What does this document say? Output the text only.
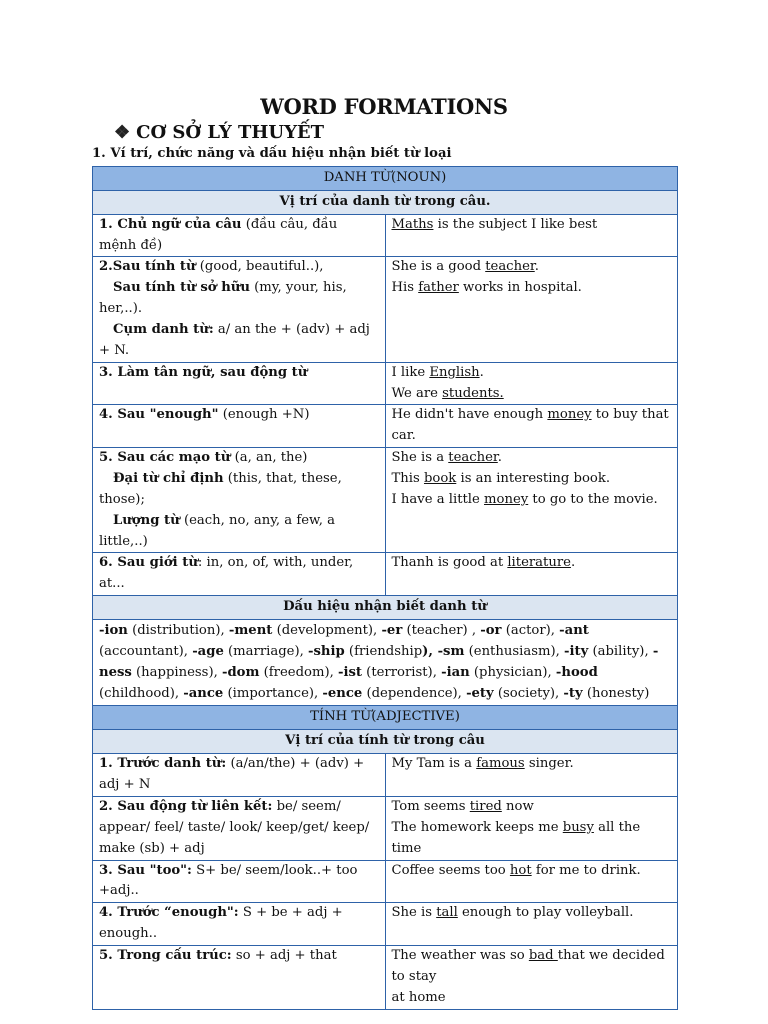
WORD FORMATIONS
❖ CƠ SỞ LÝ THUYẾT
1. Ví trí, chức năng và dấu hiệu nhận biết từ loại
DANH TỪ(NOUN)	
Vị trí của danh từ trong câu.	
1. Chủ ngữ của câu (đầu câu, đầu mệnh đề)	Maths is the subject I like best
2.Sau tính từ (good, beautiful..),
Sau tính từ sở hữu (my, your, his, her,..).
Cụm danh từ: a/ an the + (adv) + adj + N.	She is a good teacher.
His father works in hospital.
3. Làm tân ngữ, sau động từ	I like English.
We are students.
4. Sau "enough" (enough +N)	He didn't have enough money to buy that car.
5. Sau các mạo từ (a, an, the)
Đại từ chỉ định (this, that, these, those);
Lượng từ (each, no, any, a few, a little,..)	She is a teacher.
This book is an interesting book.
I have a little money to go to the movie.
6. Sau giới từ: in, on, of, with, under, at...	Thanh is good at literature.
Dấu hiệu nhận biết danh từ	
-ion (distribution), -ment (development), -er (teacher) , -or (actor), -ant (accountant), -age (marriage), -ship (friendship), -sm (enthusiasm), -ity (ability), -ness (happiness), -dom (freedom), -ist (terrorist), -ian (physician), -hood (childhood), -ance (importance), -ence (dependence), -ety (society), -ty (honesty)	
TÍNH TỪ(ADJECTIVE)	
Vị trí của tính từ trong câu	
1. Trước danh từ: (a/an/the) + (adv) + adj + N	My Tam is a famous singer.
2. Sau động từ liên kết: be/ seem/ appear/ feel/ taste/ look/ keep/get/ keep/ make (sb) + adj	Tom seems tired now
The homework keeps me busy all the time
3. Sau "too": S+ be/ seem/look..+ too +adj..	Coffee seems too hot for me to drink.
4. Trước “enough": S + be + adj + enough..	She is tall enough to play volleyball.
5. Trong cấu trúc: so + adj + that	The weather was so bad that we decided to stay
at home
